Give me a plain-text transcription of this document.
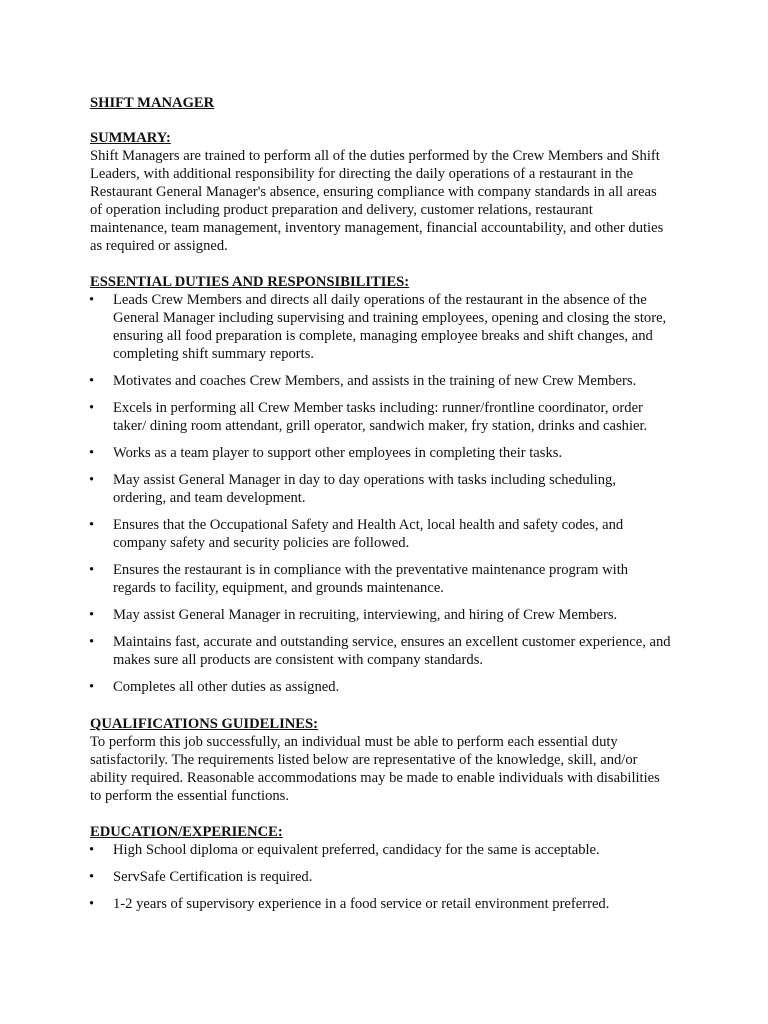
SHIFT MANAGER
SUMMARY:

Shift Managers are trained to perform all of the duties performed by the Crew Members and Shift Leaders, with additional responsibility for directing the daily operations of a restaurant in the Restaurant General Manager's absence, ensuring compliance with company standards in all areas of operation including product preparation and delivery, customer relations, restaurant maintenance, team management, inventory management, financial accountability, and other duties as required or assigned.

ESSENTIAL DUTIES AND RESPONSIBILITIES:
• Leads Crew Members and directs all daily operations of the restaurant in the absence of the General Manager including supervising and training employees, opening and closing the store, ensuring all food preparation is complete, managing employee breaks and shift changes, and completing shift summary reports.
• Motivates and coaches Crew Members, and assists in the training of new Crew Members.
• Excels in performing all Crew Member tasks including: runner/frontline coordinator, order taker/ dining room attendant, grill operator, sandwich maker, fry station, drinks and cashier.
• Works as a team player to support other employees in completing their tasks.
• May assist General Manager in day to day operations with tasks including scheduling, ordering, and team development.
• Ensures that the Occupational Safety and Health Act, local health and safety codes, and company safety and security policies are followed.
• Ensures the restaurant is in compliance with the preventative maintenance program with regards to facility, equipment, and grounds maintenance.
• May assist General Manager in recruiting, interviewing, and hiring of Crew Members.
• Maintains fast, accurate and outstanding service, ensures an excellent customer experience, and makes sure all products are consistent with company standards.
• Completes all other duties as assigned.
QUALIFICATIONS GUIDELINES:

To perform this job successfully, an individual must be able to perform each essential duty satisfactorily. The requirements listed below are representative of the knowledge, skill, and/or ability required. Reasonable accommodations may be made to enable individuals with disabilities to perform the essential functions.

EDUCATION/EXPERIENCE:
• High School diploma or equivalent preferred, candidacy for the same is acceptable.
• ServSafe Certification is required.
• 1-2 years of supervisory experience in a food service or retail environment preferred.
